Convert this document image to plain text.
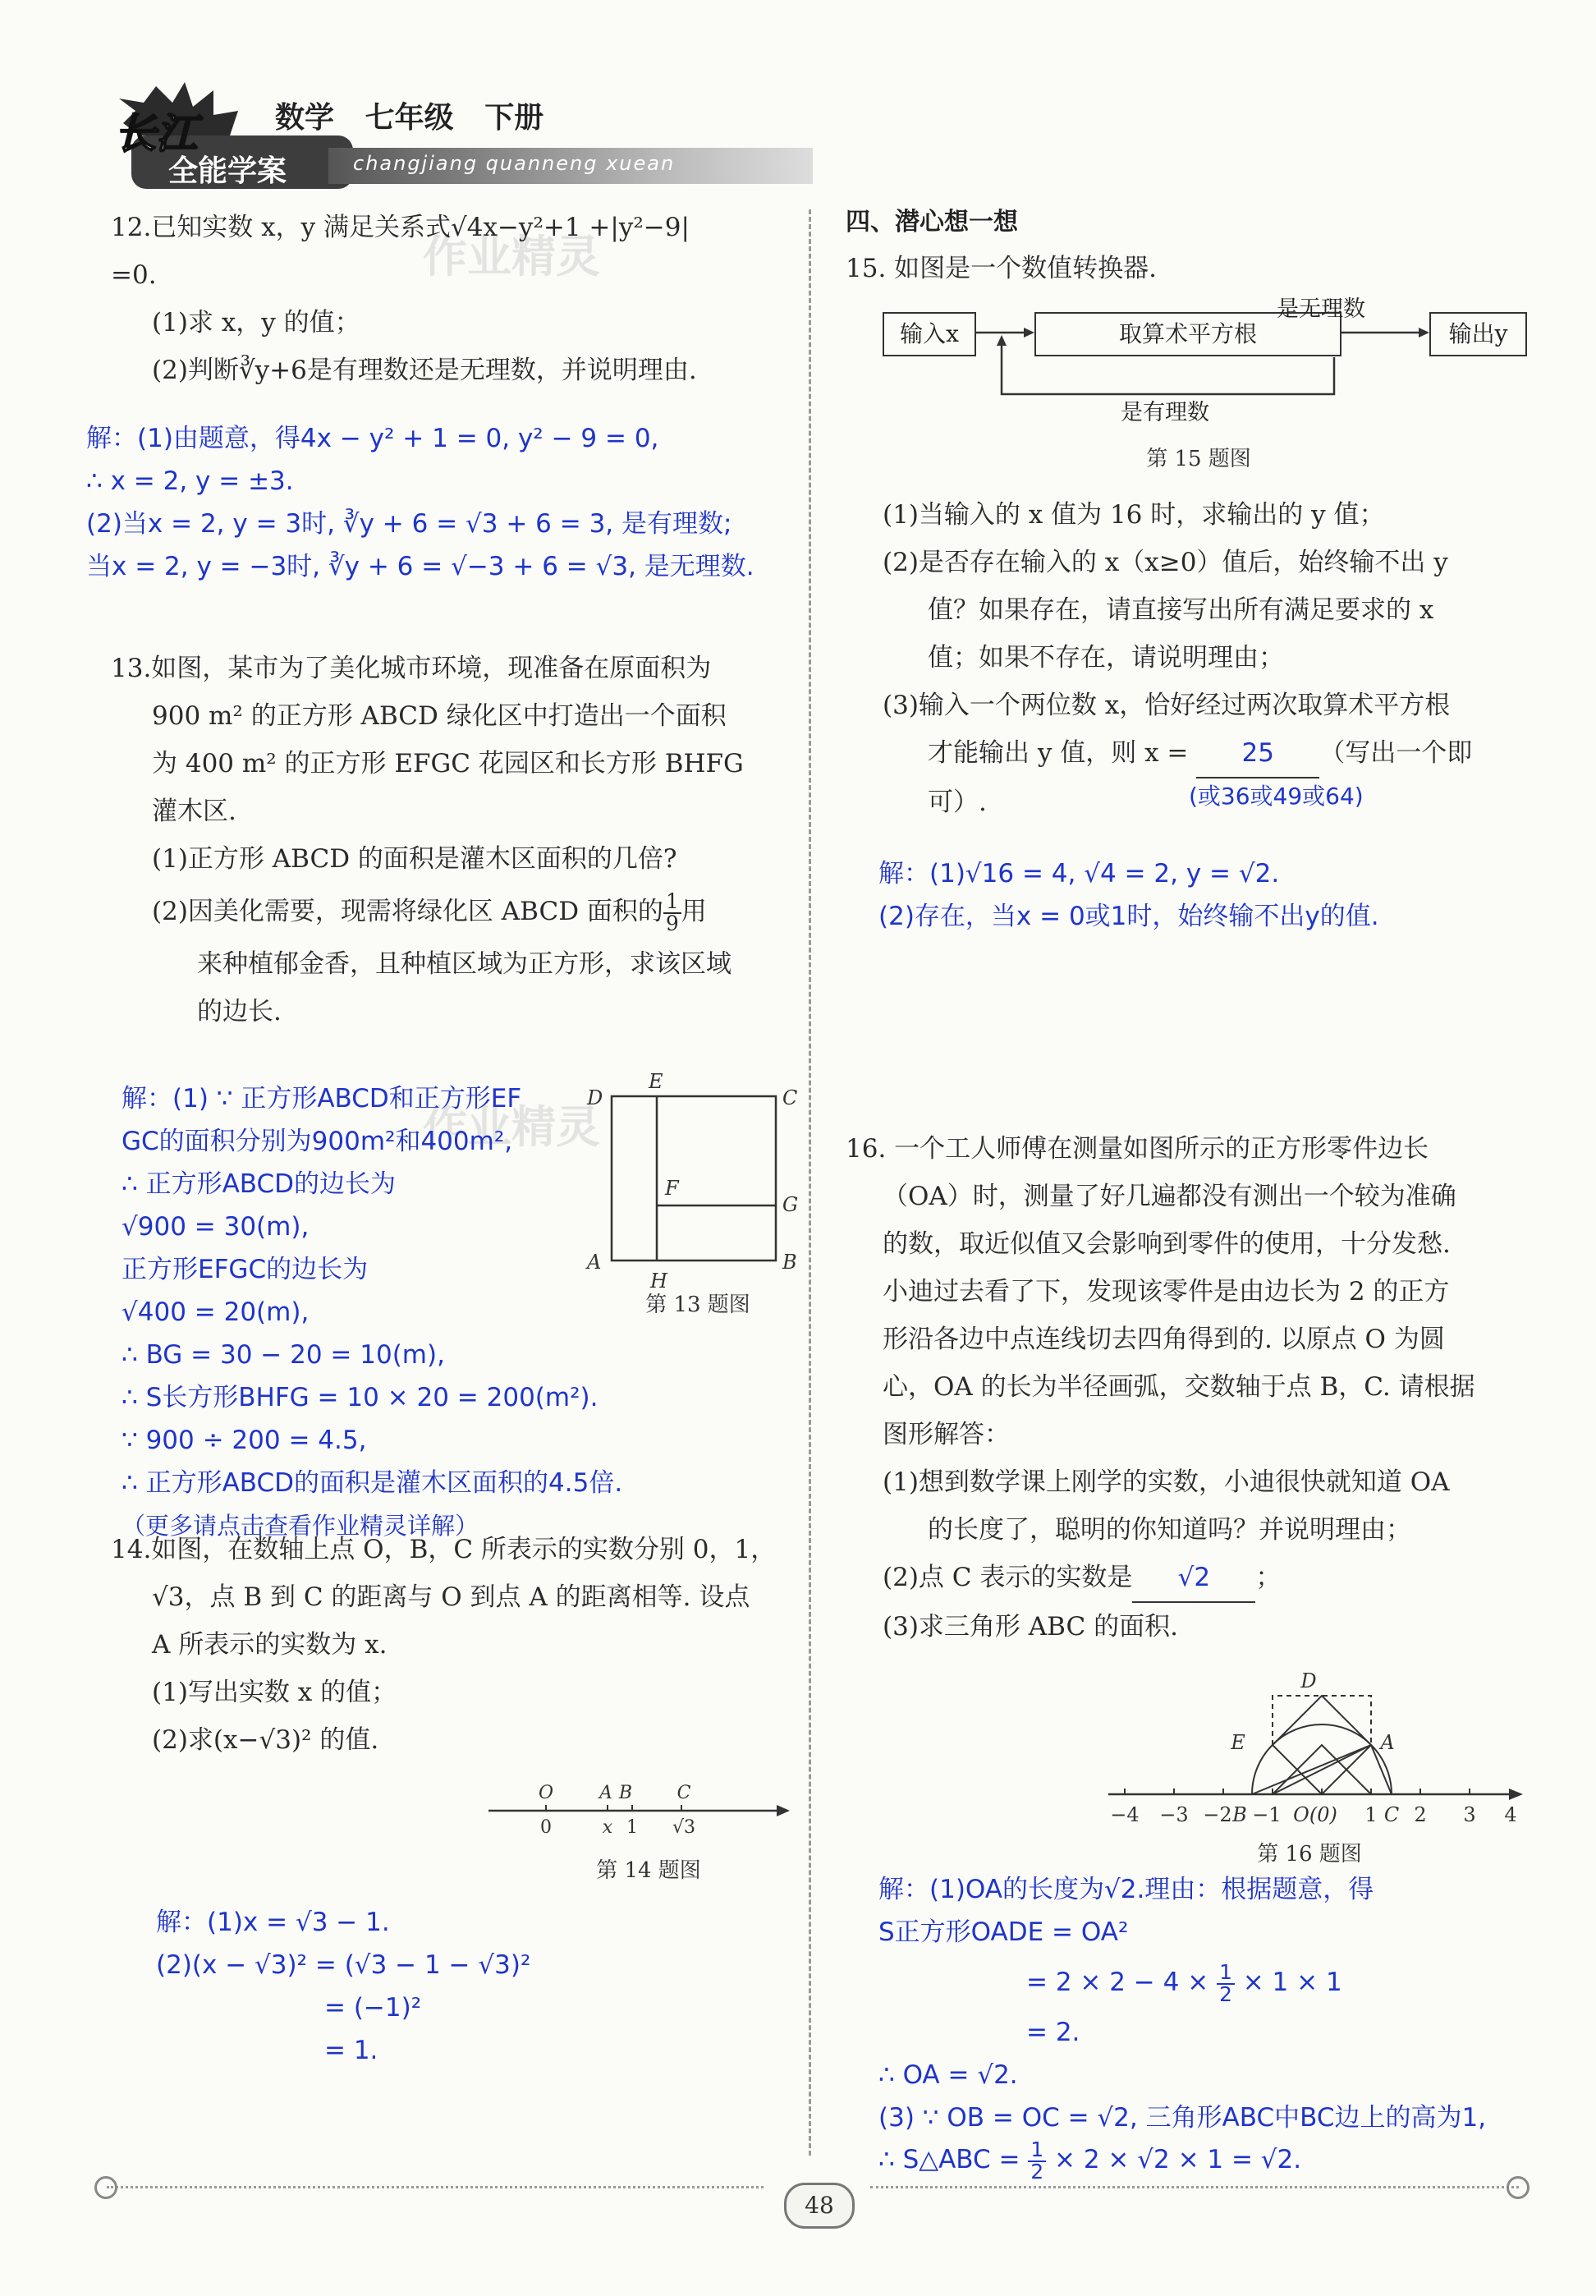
长江
全能学案	changjiang quanneng xuean
数学 七年级 下册
作业精灵
作业精灵

12.已知实数 x，y 满足关系式√4x−y²+1 +|y²−9|

=0.

(1)求 x，y 的值；

(2)判断∛y+6是有理数还是无理数，并说明理由.

解：(1)由题意，得4x − y² + 1 = 0, y² − 9 = 0,

∴ x = 2, y = ±3.

(2)当x = 2, y = 3时, ∛y + 6 = √3 + 6 = 3, 是有理数;

当x = 2, y = −3时, ∛y + 6 = √−3 + 6 = √3, 是无理数.

13.如图，某市为了美化城市环境，现准备在原面积为

900 m² 的正方形 ABCD 绿化区中打造出一个面积

为 400 m² 的正方形 EFGC 花园区和长方形 BHFG

灌木区.

(1)正方形 ABCD 的面积是灌木区面积的几倍?

(2)因美化需要，现需将绿化区 ABCD 面积的 $\frac{1}{9}$ 用

来种植郁金香，且种植区域为正方形，求该区域

的边长.

D
E
C
F
G
A
H
B
第 13 题图

解：(1) ∵ 正方形ABCD和正方形EF

GC的面积分别为900m²和400m²,

∴ 正方形ABCD的边长为

√900 = 30(m),

正方形EFGC的边长为

√400 = 20(m),

∴ BG = 30 − 20 = 10(m),

∴ S长方形BHFG = 10 × 20 = 200(m²).

∵ 900 ÷ 200 = 4.5,

∴ 正方形ABCD的面积是灌木区面积的4.5倍.

（更多请点击查看作业精灵详解）

14.如图，在数轴上点 O，B，C 所表示的实数分别 0，1，

√3，点 B 到 C 的距离与 O 到点 A 的距离相等. 设点

A 所表示的实数为 x.

(1)写出实数 x 的值；

(2)求(x−√3)² 的值.

O	A B C
0	x 1 √3
第 14 题图

解：(1)x = √3 − 1.

(2)(x − √3)² = (√3 − 1 − √3)²

= (−1)²

= 1.

四、潜心想一想

15. 如图是一个数值转换器.

输入x	取算术平方根	输出y
是无理数
是有理数
第 15 题图

(1)当输入的 x 值为 16 时，求输出的 y 值；

(2)是否存在输入的 x（x≥0）值后，始终输不出 y

值？如果存在，请直接写出所有满足要求的 x

值；如果不存在，请说明理由；

(3)输入一个两位数 x，恰好经过两次取算术平方根

才能输出 y 值，则 x = 25 （写出一个即

可）.	(或36或49或64)

解：(1)√16 = 4, √4 = 2, y = √2.

(2)存在，当x = 0或1时，始终输不出y的值.

16. 一个工人师傅在测量如图所示的正方形零件边长

（OA）时，测量了好几遍都没有测出一个较为准确

的数，取近似值又会影响到零件的使用，十分发愁.

小迪过去看了下，发现该零件是由边长为 2 的正方

形沿各边中点连线切去四角得到的. 以原点 O 为圆

心，OA 的长为半径画弧，交数轴于点 B，C. 请根据

图形解答：

(1)想到数学课上刚学的实数，小迪很快就知道 OA

的长度了，聪明的你知道吗？并说明理由；

(2)点 C 表示的实数是 √2 ；

(3)求三角形 ABC 的面积.

D
E	A
B	C
O(0)
−4 −3 −2 −1	1 2 3 4
第 16 题图

解：(1)OA的长度为√2.理由：根据题意，得

S正方形OADE = OA²

= $2 \times 2 - 4 \times \frac{1}{2} \times 1 \times 1$

= 2.

∴ OA = √2.

(3) ∵ OB = OC = √2, 三角形ABC中BC边上的高为1,

∴ S△ABC = $\frac{1}{2} \times 2 \times √2 \times 1 = √2$.

48
